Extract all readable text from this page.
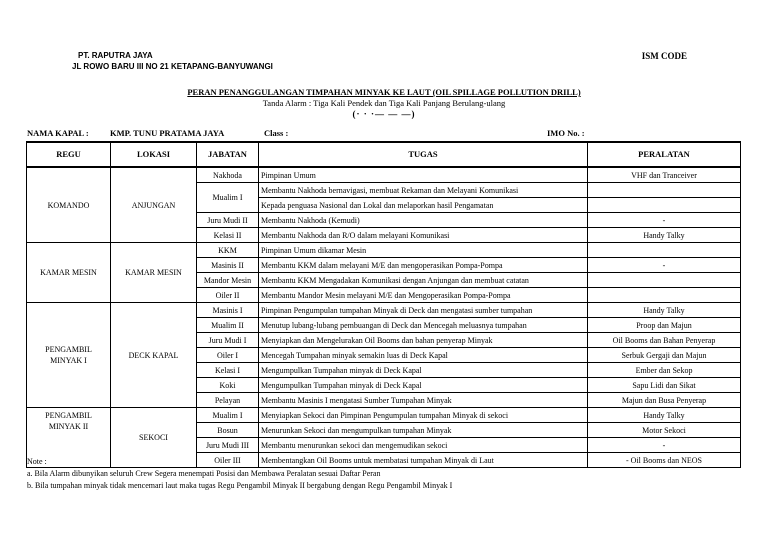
PT. RAPUTRA JAYA
JL ROWO BARU III NO 21 KETAPANG-BANYUWANGI
ISM CODE
PERAN PENANGGULANGAN TIMPAHAN MINYAK KE LAUT (OIL SPILLAGE POLLUTION DRILL)
Tanda Alarm : Tiga Kali Pendek dan Tiga Kali Panjang Berulang-ulang
(· · ·— — —)
NAMA KAPAL :	KMP. TUNU PRATAMA JAYA	Class :	IMO No. :
REGU	LOKASI	JABATAN	TUGAS	PERALATAN
KOMANDO	ANJUNGAN	Nakhoda	Pimpinan Umum	VHF dan Tranceiver
		Mualim I	Membantu Nakhoda bernavigasi, membuat Rekaman dan Melayani Komunikasi	
			Kepada penguasa Nasional dan Lokal dan melaporkan hasil Pengamatan	
		Juru Mudi II	Membantu Nakhoda (Kemudi)	-
		Kelasi II	Membantu Nakhoda dan R/O dalam melayani Komunikasi	Handy Talky
KAMAR MESIN	KAMAR MESIN	KKM	Pimpinan Umum dikamar Mesin	
		Masinis II	Membantu KKM dalam melayani M/E dan mengoperasikan Pompa-Pompa	-
		Mandor Mesin	Membantu KKM Mengadakan Komunikasi dengan Anjungan dan membuat catatan	
		Oiler II	Membantu Mandor Mesin melayani M/E dan Mengoperasikan Pompa-Pompa	
PENGAMBIL MINYAK I	DECK KAPAL	Masinis I	Pimpinan Pengumpulan tumpahan Minyak di Deck dan mengatasi sumber tumpahan	Handy Talky
		Mualim II	Menutup lubang-lubang pembuangan di Deck dan Mencegah meluasnya tumpahan	Proop dan Majun
		Juru Mudi I	Menyiapkan dan Mengelurakan Oil Booms dan bahan penyerap Minyak	Oil Booms dan Bahan Penyerap
		Oiler I	Mencegah Tumpahan minyak semakin luas di Deck Kapal	Serbuk Gergaji dan Majun
		Kelasi I	Mengumpulkan Tumpahan minyak di Deck Kapal	Ember dan Sekop
		Koki	Mengumpulkan Tumpahan minyak di Deck Kapal	Sapu Lidi dan Sikat
		Pelayan	Membantu Masinis I mengatasi Sumber Tumpahan Minyak	Majun dan Busa Penyerap
PENGAMBIL MINYAK II	SEKOCI	Mualim I	Menyiapkan Sekoci dan Pimpinan Pengumpulan tumpahan Minyak di sekoci	Handy Talky
		Bosun	Menurunkan Sekoci dan mengumpulkan tumpahan Minyak	Motor Sekoci
		Juru Mudi III	Membantu menurunkan sekoci dan mengemudikan sekoci	-
		Oiler III	Membentangkan Oil Booms untuk membatasi tumpahan Minyak di Laut	- Oil Booms dan NEOS
Note :
a. Bila Alarm dibunyikan seluruh Crew Segera menempati Posisi dan Membawa Peralatan sesuai Daftar Peran
b. Bila tumpahan minyak tidak mencemari laut maka tugas Regu Pengambil Minyak II bergabung dengan Regu Pengambil Minyak I
